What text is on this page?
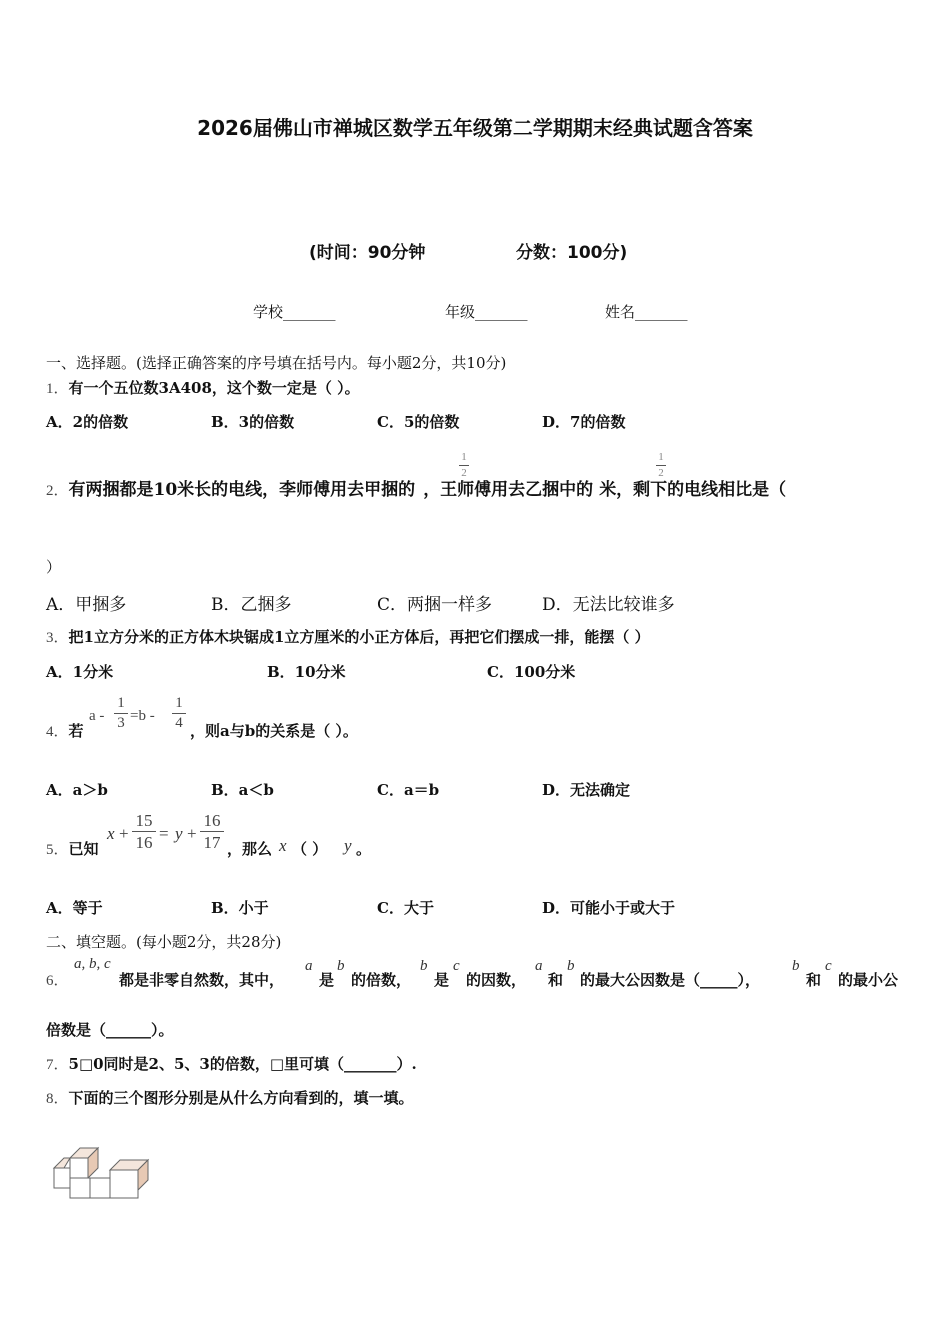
2026届佛山市禅城区数学五年级第二学期期末经典试题含答案
(时间：90分钟	分数：100分)
学校_______	年级_______	姓名_______
一、选择题。(选择正确答案的序号填在括号内。每小题2分，共10分)
1．有一个五位数3A408，这个数一定是（ ）。
A．2的倍数	B．3的倍数	C．5的倍数	D．7的倍数
2．有两捆都是10米长的电线，李师傅用去甲捆的 ，王师傅用去乙捆中的 米，剩下的电线相比是（
1
2
1
2
）
A．甲捆多	B．乙捆多	C．两捆一样多	D．无法比较谁多
3．把1立方分米的正方体木块锯成1立方厘米的小正方体后，再把它们摆成一排，能摆（ ）
A．1分米	B．10分米	C．100分米
4．若
a -
1
3 =b -
1
4 ，则a与b的关系是（ ）。
A．a＞b	B．a＜b	C．a＝b	D．无法确定
5．已知
x +
15
16 = y +
16
17 ，那么 x （ ） y 。
A．等于	B．小于	C．大于	D．可能小于或大于
二、填空题。(每小题2分，共28分)
6．
a, b, c
都是非零自然数，其中，
a
是
b
的倍数，
b
是
c
的因数，
a
和
b
的最大公因数是（_____），
b
和
c
的最小公
倍数是（______）。
7．5□0同时是2、5、3的倍数，□里可填（_______）.
8．下面的三个图形分别是从什么方向看到的，填一填。
